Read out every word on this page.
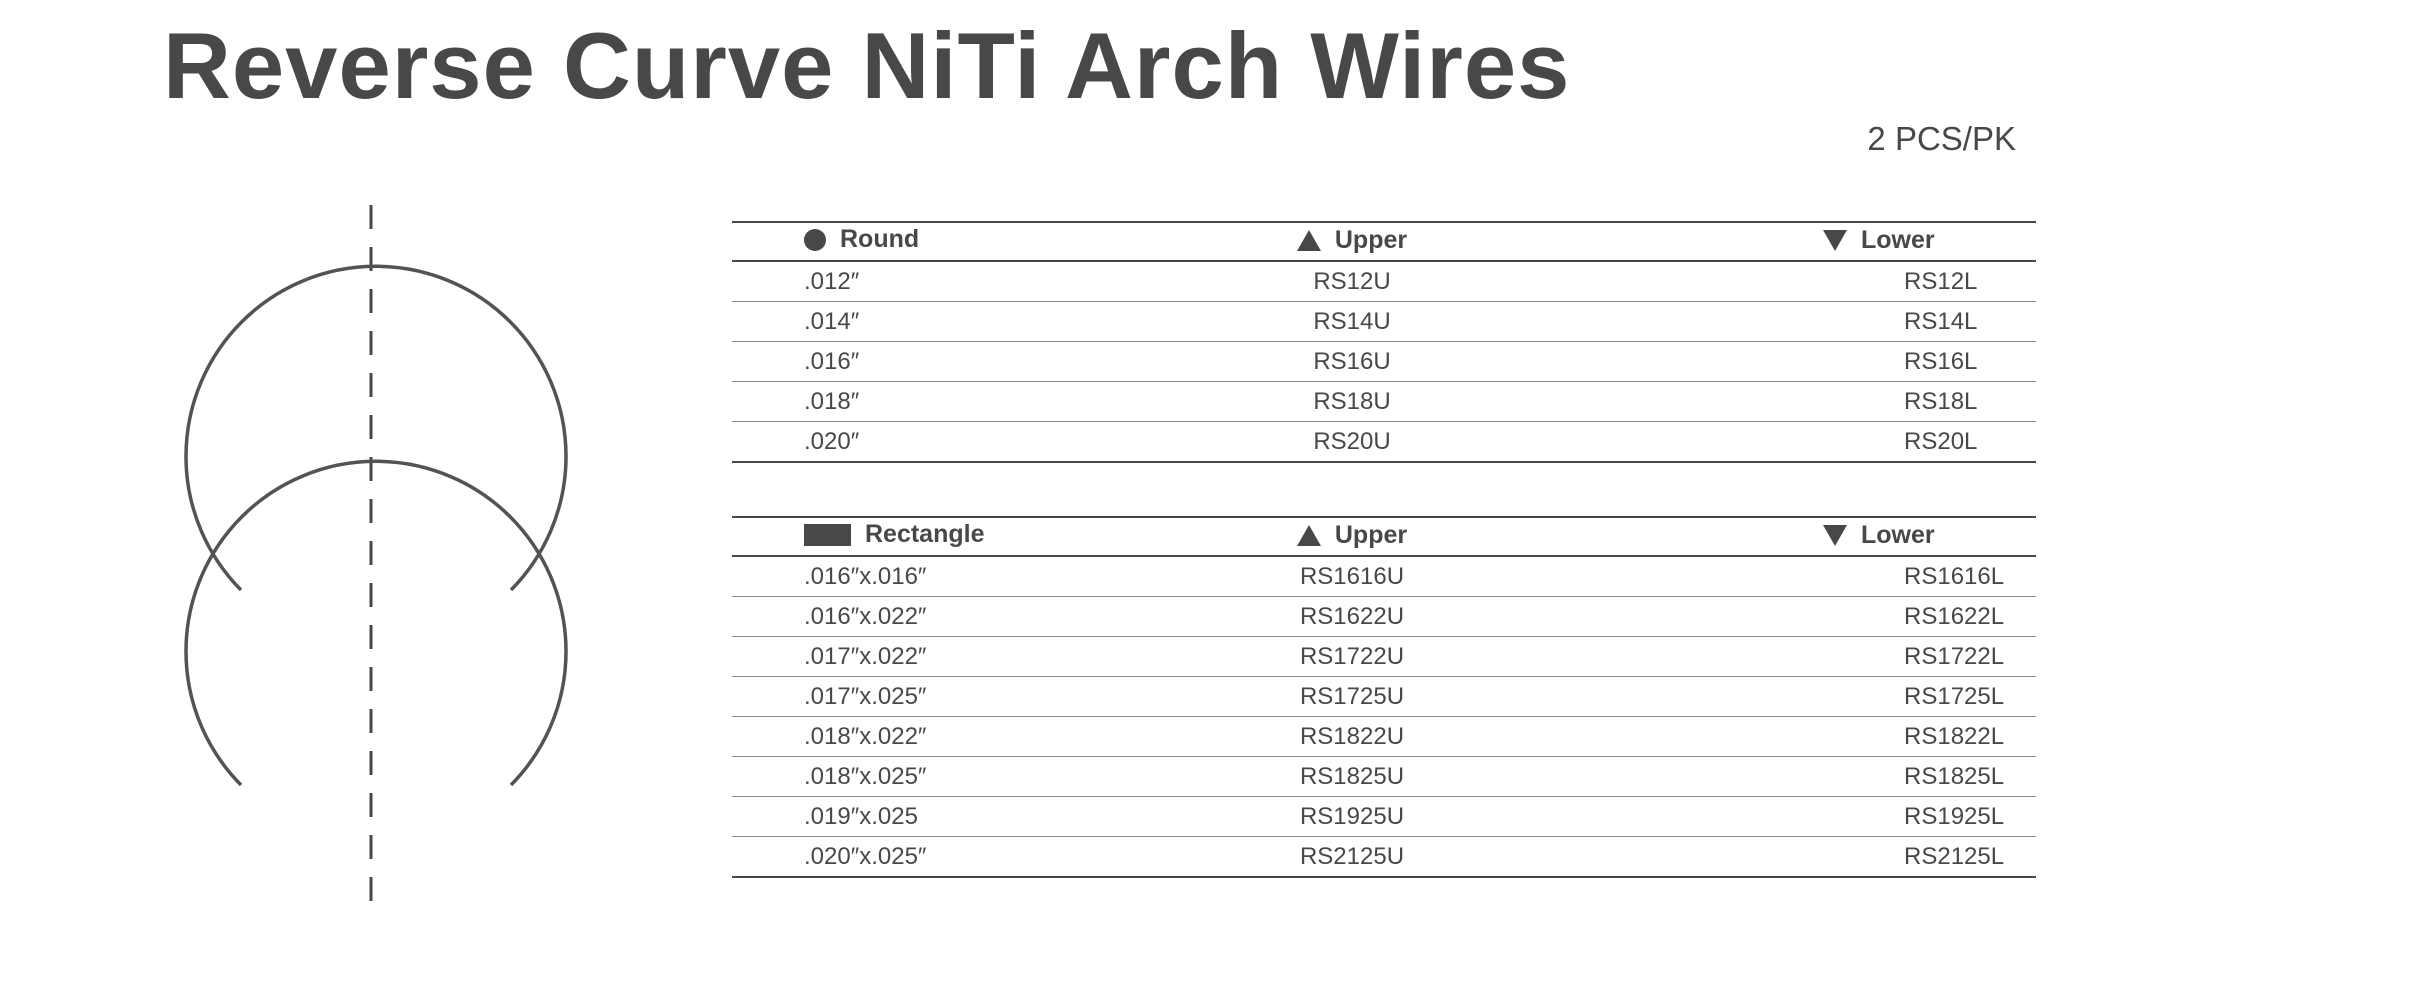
Reverse Curve NiTi Arch Wires
2 PCS/PK
Round	Upper		Lower

.012″	RS12U		RS12L
.014″	RS14U		RS14L
.016″	RS16U		RS16L
.018″	RS18U		RS18L
.020″	RS20U		RS20L
Rectangle	Upper		Lower

.016″x.016″	RS1616U		RS1616L
.016″x.022″	RS1622U		RS1622L
.017″x.022″	RS1722U		RS1722L
.017″x.025″	RS1725U		RS1725L
.018″x.022″	RS1822U		RS1822L
.018″x.025″	RS1825U		RS1825L
.019″x.025	RS1925U		RS1925L
.020″x.025″	RS2125U		RS2125L
